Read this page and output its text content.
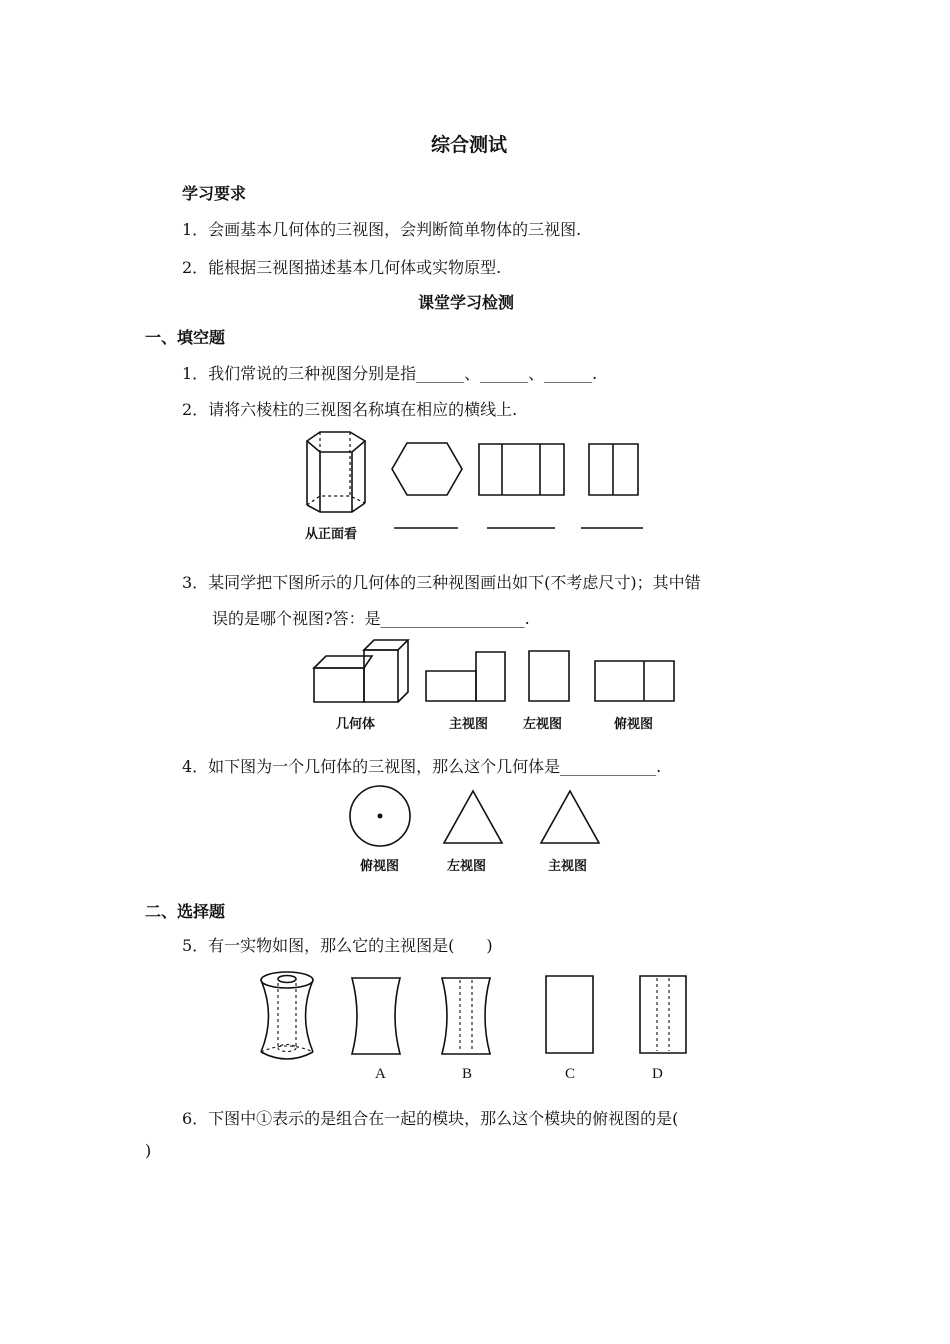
综合测试
学习要求
1．会画基本几何体的三视图，会判断简单物体的三视图.
2．能根据三视图描述基本几何体或实物原型.
课堂学习检测
一、填空题
1．我们常说的三种视图分别是指______、______、______.
2．请将六棱柱的三视图名称填在相应的横线上.
从正面看
3．某同学把下图所示的几何体的三种视图画出如下(不考虑尺寸)；其中错
误的是哪个视图?答：是__________________.
几何体	主视图	左视图	俯视图
4．如下图为一个几何体的三视图，那么这个几何体是____________.
俯视图	左视图	主视图
二、选择题
5．有一实物如图，那么它的主视图是(　　)
A	B	C	D
6．下图中①表示的是组合在一起的模块，那么这个模块的俯视图的是(
)
